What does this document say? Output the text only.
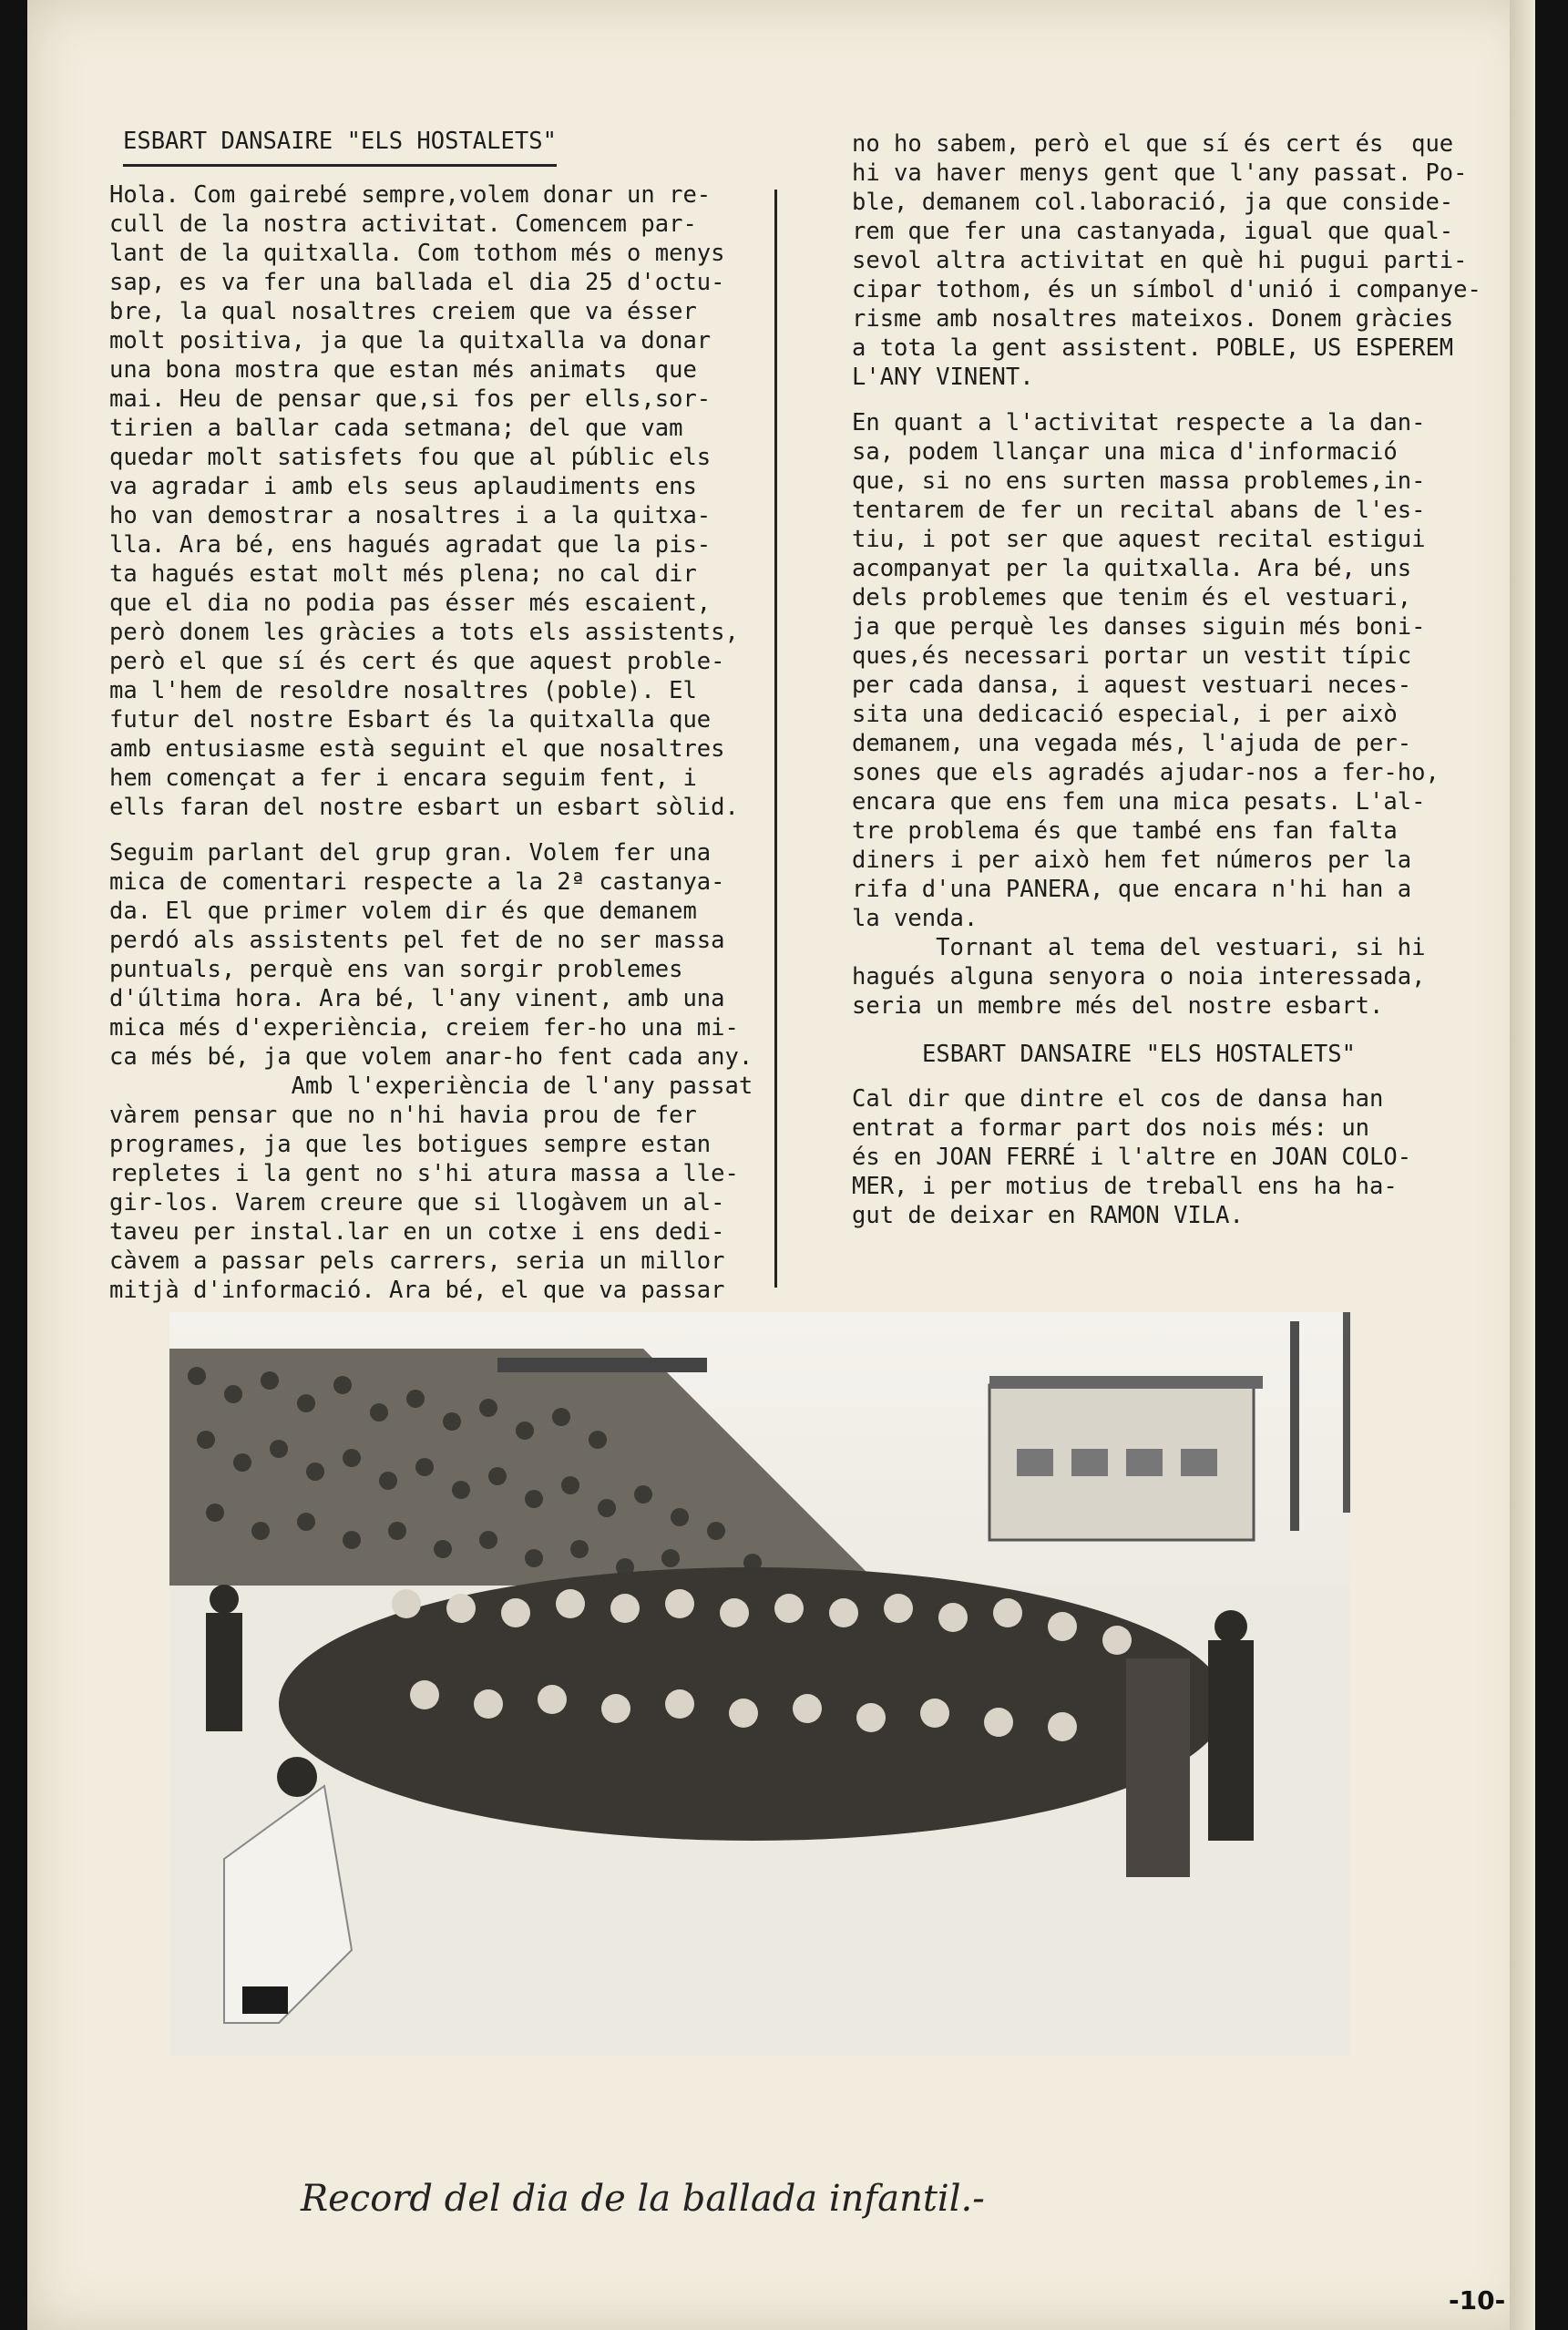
ESBART DANSAIRE "ELS HOSTALETS"

Hola. Com gairebé sempre,volem donar un re-

cull de la nostra activitat. Comencem par-

lant de la quitxalla. Com tothom més o menys

sap, es va fer una ballada el dia 25 d'octu-

bre, la qual nosaltres creiem que va ésser

molt positiva, ja que la quitxalla va donar

una bona mostra que estan més animats  que

mai. Heu de pensar que,si fos per ells,sor-

tirien a ballar cada setmana; del que vam

quedar molt satisfets fou que al públic els

va agradar i amb els seus aplaudiments ens

ho van demostrar a nosaltres i a la quitxa-

lla. Ara bé, ens hagués agradat que la pis-

ta hagués estat molt més plena; no cal dir

que el dia no podia pas ésser més escaient,

però donem les gràcies a tots els assistents,

però el que sí és cert és que aquest proble-

ma l'hem de resoldre nosaltres (poble). El

futur del nostre Esbart és la quitxalla que

amb entusiasme està seguint el que nosaltres

hem començat a fer i encara seguim fent, i

ells faran del nostre esbart un esbart sòlid.

Seguim parlant del grup gran. Volem fer una

mica de comentari respecte a la 2ª castanya-

da. El que primer volem dir és que demanem

perdó als assistents pel fet de no ser massa

puntuals, perquè ens van sorgir problemes

d'última hora. Ara bé, l'any vinent, amb una

mica més d'experiència, creiem fer-ho una mi-

ca més bé, ja que volem anar-ho fent cada any.

Amb l'experiència de l'any passat

vàrem pensar que no n'hi havia prou de fer

programes, ja que les botigues sempre estan

repletes i la gent no s'hi atura massa a lle-

gir-los. Varem creure que si llogàvem un al-

taveu per instal.lar en un cotxe i ens dedi-

càvem a passar pels carrers, seria un millor

mitjà d'informació. Ara bé, el que va passar

no ho sabem, però el que sí és cert és  que

hi va haver menys gent que l'any passat. Po-

ble, demanem col.laboració, ja que conside-

rem que fer una castanyada, igual que qual-

sevol altra activitat en què hi pugui parti-

cipar tothom, és un símbol d'unió i companye-

risme amb nosaltres mateixos. Donem gràcies

a tota la gent assistent. POBLE, US ESPEREM

L'ANY VINENT.

En quant a l'activitat respecte a la dan-

sa, podem llançar una mica d'informació

que, si no ens surten massa problemes,in-

tentarem de fer un recital abans de l'es-

tiu, i pot ser que aquest recital estigui

acompanyat per la quitxalla. Ara bé, uns

dels problemes que tenim és el vestuari,

ja que perquè les danses siguin més boni-

ques,és necessari portar un vestit típic

per cada dansa, i aquest vestuari neces-

sita una dedicació especial, i per això

demanem, una vegada més, l'ajuda de per-

sones que els agradés ajudar-nos a fer-ho,

encara que ens fem una mica pesats. L'al-

tre problema és que també ens fan falta

diners i per això hem fet números per la

rifa d'una PANERA, que encara n'hi han a

la venda.

Tornant al tema del vestuari, si hi

hagués alguna senyora o noia interessada,

seria un membre més del nostre esbart.

ESBART DANSAIRE "ELS HOSTALETS"

Cal dir que dintre el cos de dansa han

entrat a formar part dos nois més: un

és en JOAN FERRÉ i l'altre en JOAN COLO-

MER, i per motius de treball ens ha ha-

gut de deixar en RAMON VILA.

Record del dia de la ballada infantil.-
-10-
